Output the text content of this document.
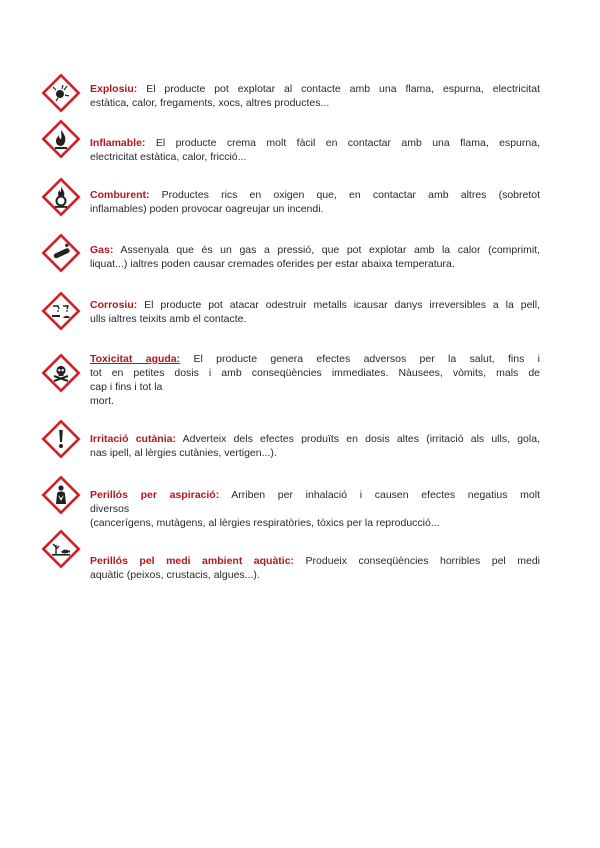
Explosiu: El producte pot explotar al contacte amb una flama, espurna, electricitat
estàtica, calor, fregaments, xocs, altres productes...
Inflamable: El producte crema molt fàcil en contactar amb una flama, espurna,
electricitat estàtica, calor, fricció...
Comburent: Productes rics en oxigen que, en contactar amb altres (sobretot
inflamables) poden provocar oagreujar un incendi.
Gas: Assenyala que és un gas a pressió, que pot explotar amb la calor (comprimit,
liquat...) ialtres poden causar cremades oferides per estar abaixa temperatura.
Corrosiu: El producte pot atacar odestruir metalls icausar danys irreversibles a la pell,
ulls ialtres teixits amb el contacte.
Toxicitat aguda: El producte genera efectes adversos per la salut, fins i
tot en petites dosis i amb conseqüències immediates. Nàusees, vòmits, mals de
cap i fins i tot la
mort.
Irritació cutània: Adverteix dels efectes produïts en dosis altes (irritació als ulls, gola,
nas ipell, al lèrgies cutànies, vertigen...).
Perillós per aspiració: Arriben per inhalació i causen efectes negatius molt
diversos
(cancerígens, mutàgens, al lèrgies respiratòries, tòxics per la reproducció...
Perillós pel medi ambient aquàtic: Produeix conseqüències horribles pel medi
aquàtic (peixos, crustacis, algues...).
